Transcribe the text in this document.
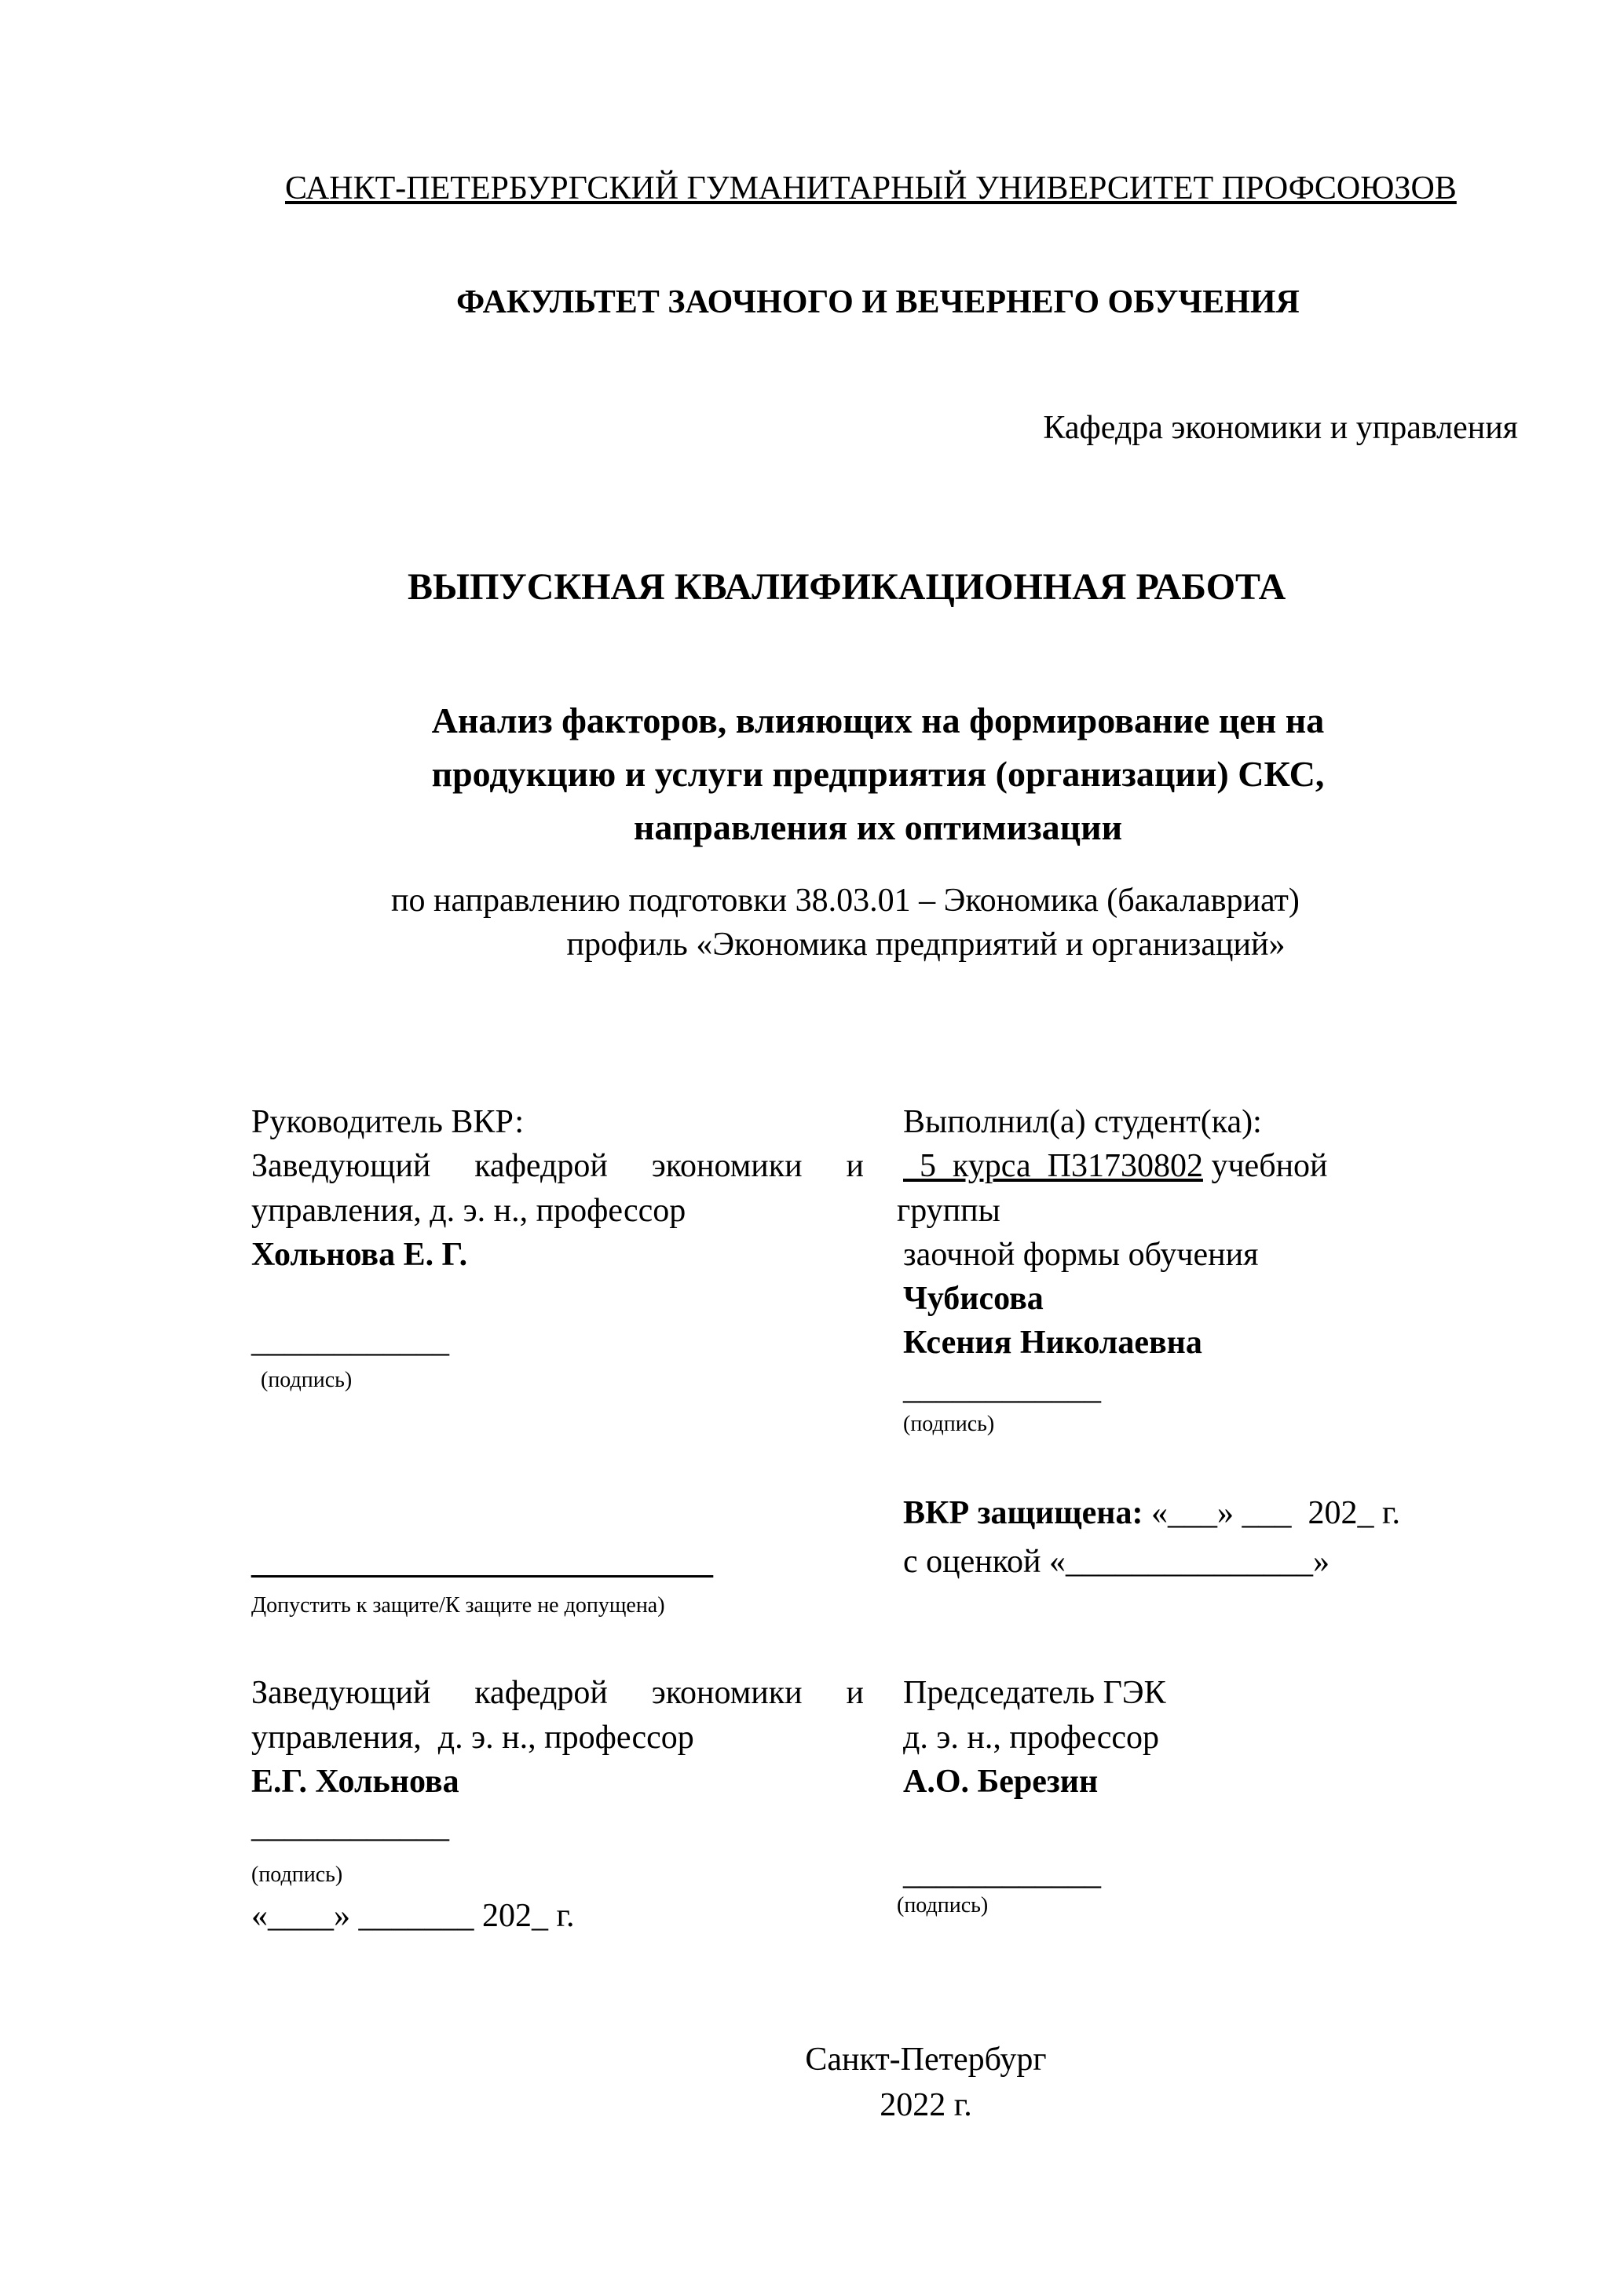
САНКТ-ПЕТЕРБУРГСКИЙ ГУМАНИТАРНЫЙ УНИВЕРСИТЕТ ПРОФСОЮЗОВ
ФАКУЛЬТЕТ ЗАОЧНОГО И ВЕЧЕРНЕГО ОБУЧЕНИЯ
Кафедра экономики и управления
ВЫПУСКНАЯ КВАЛИФИКАЦИОННАЯ РАБОТА
Анализ факторов, влияющих на формирование цен на
продукцию и услуги предприятия (организации) СКС,
направления их оптимизации
по направлению подготовки 38.03.01 – Экономика (бакалавриат)
профиль «Экономика предприятий и организаций»
Руководитель ВКР:
Заведующий кафедрой экономики и
управления, д. э. н., профессор
Хольнова Е. Г.
____________
(подпись)
Выполнил(а) студент(ка):
5  курса  П31730802 учебной
группы
заочной формы обучения
Чубисова
Ксения Николаевна
____________
(подпись)
ВКР защищена: «___» ___  202_ г.
с оценкой «_______________»
____________________________
Допустить к защите/К защите не допущена)
Заведующий кафедрой экономики и
управления,  д. э. н., профессор
Е.Г. Хольнова
____________
(подпись)
«____» _______ 202_ г.
Председатель ГЭК
д. э. н., профессор
А.О. Березин
____________
(подпись)
Санкт-Петербург
2022 г.
